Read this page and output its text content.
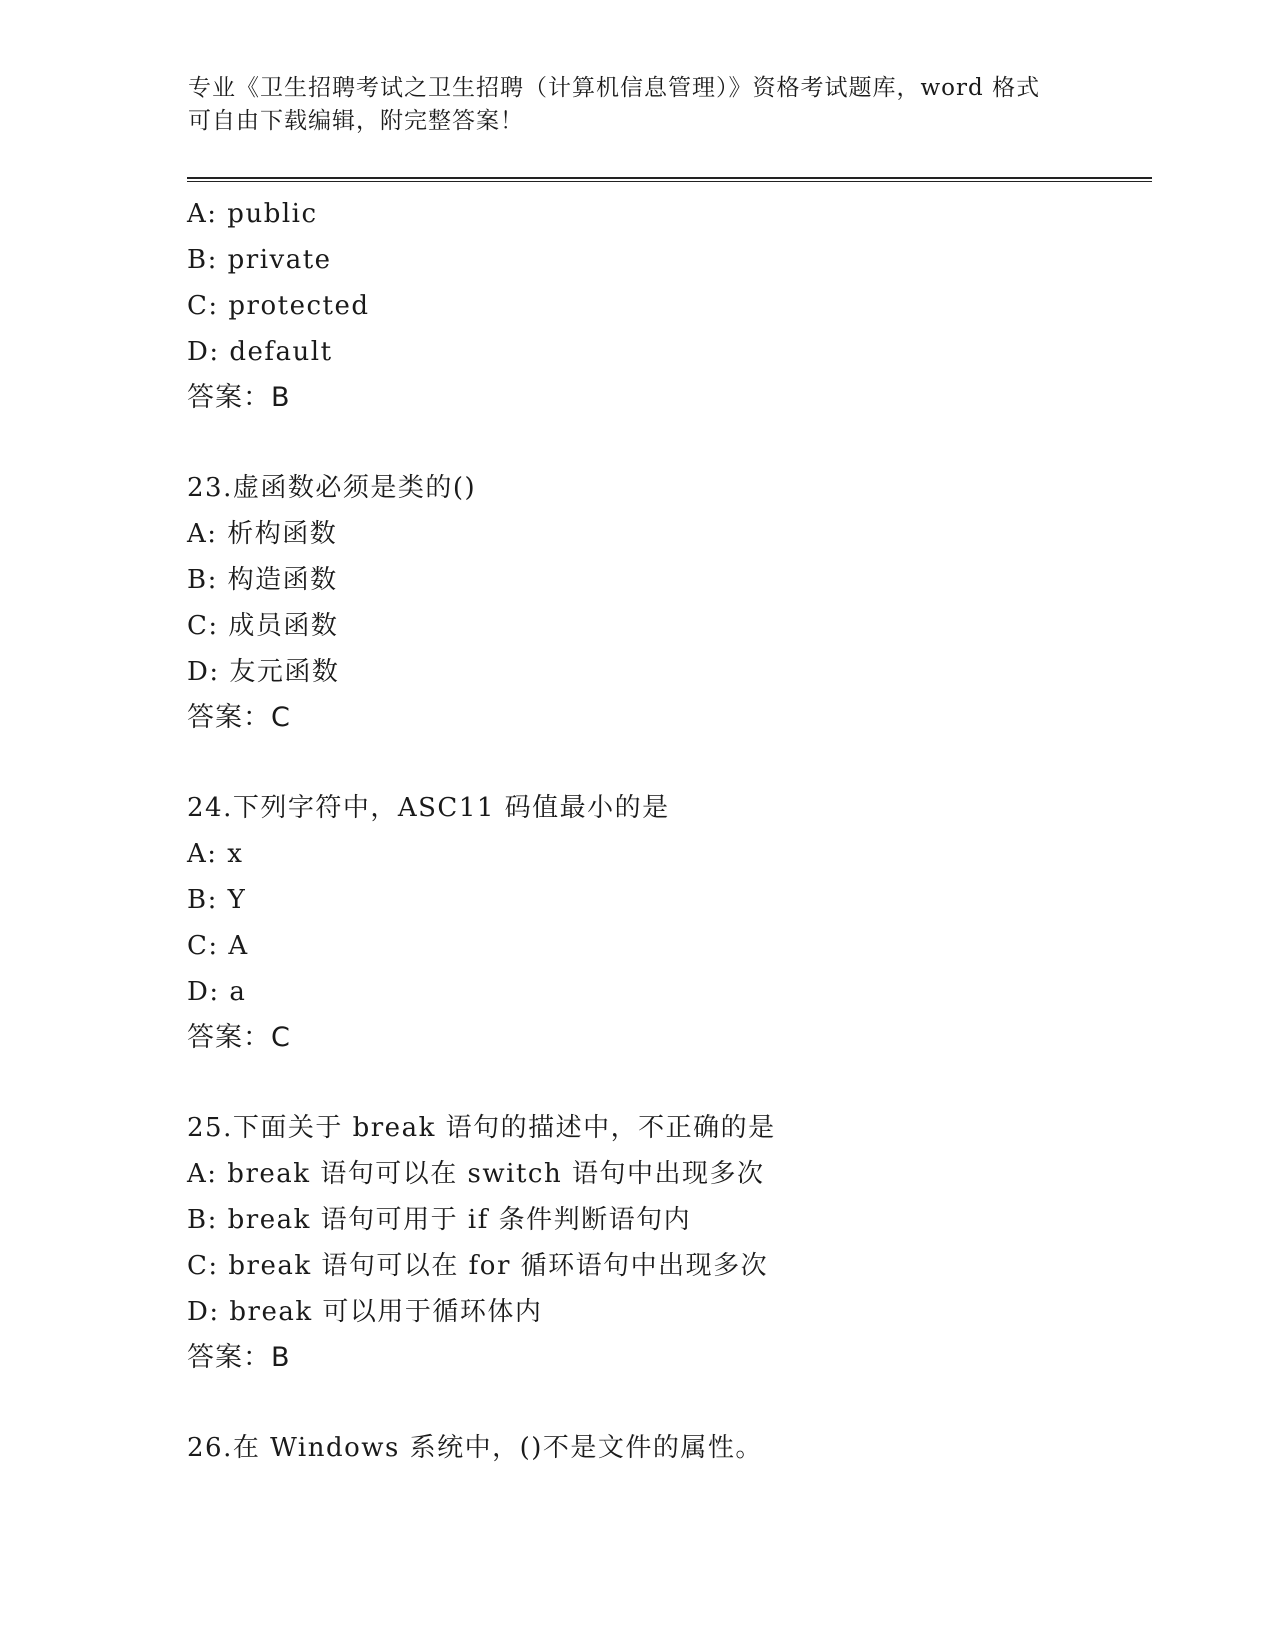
专业《卫生招聘考试之卫生招聘（计算机信息管理）》资格考试题库，word 格式
可自由下载编辑，附完整答案！
A: public
B: private
C: protected
D: default
答案：B
23.虚函数必须是类的()
A: 析构函数
B: 构造函数
C: 成员函数
D: 友元函数
答案：C
24.下列字符中，ASC11 码值最小的是
A: x
B: Y
C: A
D: a
答案：C
25.下面关于 break 语句的描述中，不正确的是
A: break 语句可以在 switch 语句中出现多次
B: break 语句可用于 if 条件判断语句内
C: break 语句可以在 for 循环语句中出现多次
D: break 可以用于循环体内
答案：B
26.在 Windows 系统中，()不是文件的属性。
